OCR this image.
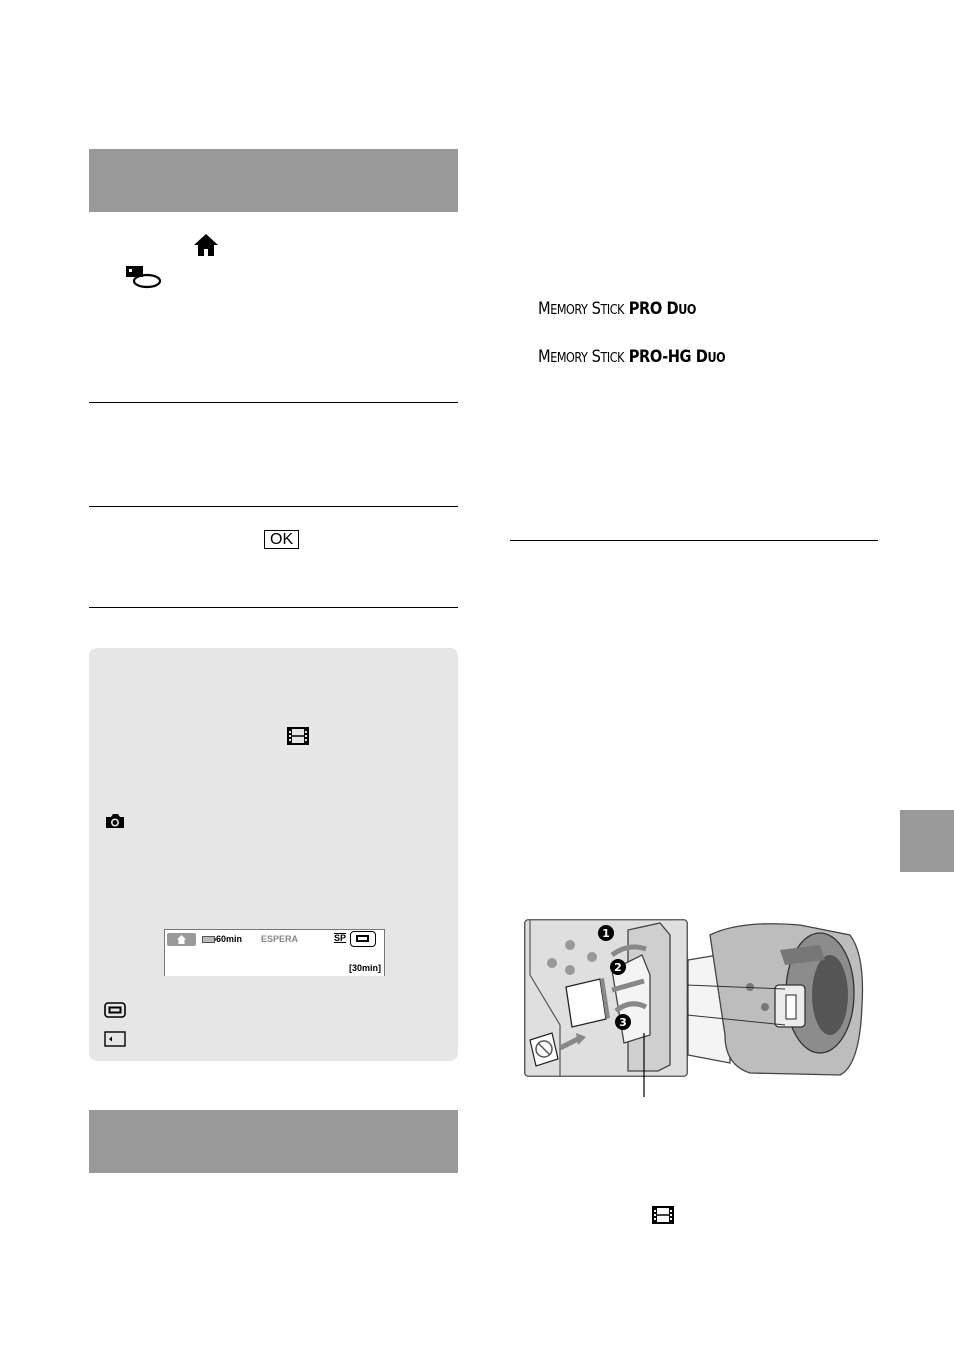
OK
60min ESPERA	SP
[30min]
MEMORY STICK PRO DUO
MEMORY STICK PRO-HG DUO
1
2
3
